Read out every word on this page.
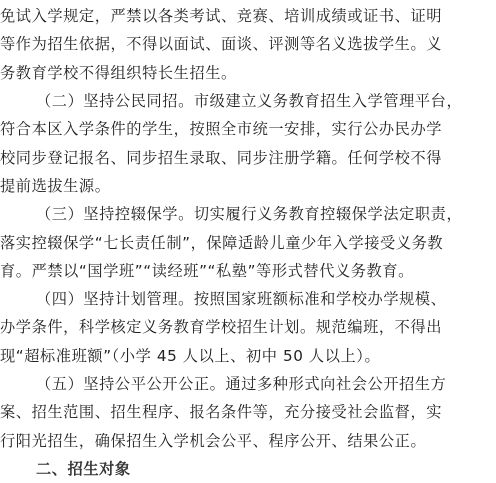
免试入学规定，严禁以各类考试、竞赛、培训成绩或证书、证明
等作为招生依据，不得以面试、面谈、评测等名义选拔学生。义
务教育学校不得组织特长生招生。
（二）坚持公民同招。市级建立义务教育招生入学管理平台，
符合本区入学条件的学生，按照全市统一安排，实行公办民办学
校同步登记报名、同步招生录取、同步注册学籍。任何学校不得
提前选拔生源。
（三）坚持控辍保学。切实履行义务教育控辍保学法定职责，
落实控辍保学“七长责任制”，保障适龄儿童少年入学接受义务教
育。严禁以“国学班”“读经班”“私塾”等形式替代义务教育。
（四）坚持计划管理。按照国家班额标准和学校办学规模、
办学条件，科学核定义务教育学校招生计划。规范编班，不得出
现“超标准班额”（小学 45 人以上、初中 50 人以上）。
（五）坚持公平公开公正。通过多种形式向社会公开招生方
案、招生范围、招生程序、报名条件等，充分接受社会监督，实
行阳光招生，确保招生入学机会公平、程序公开、结果公正。
二、招生对象
